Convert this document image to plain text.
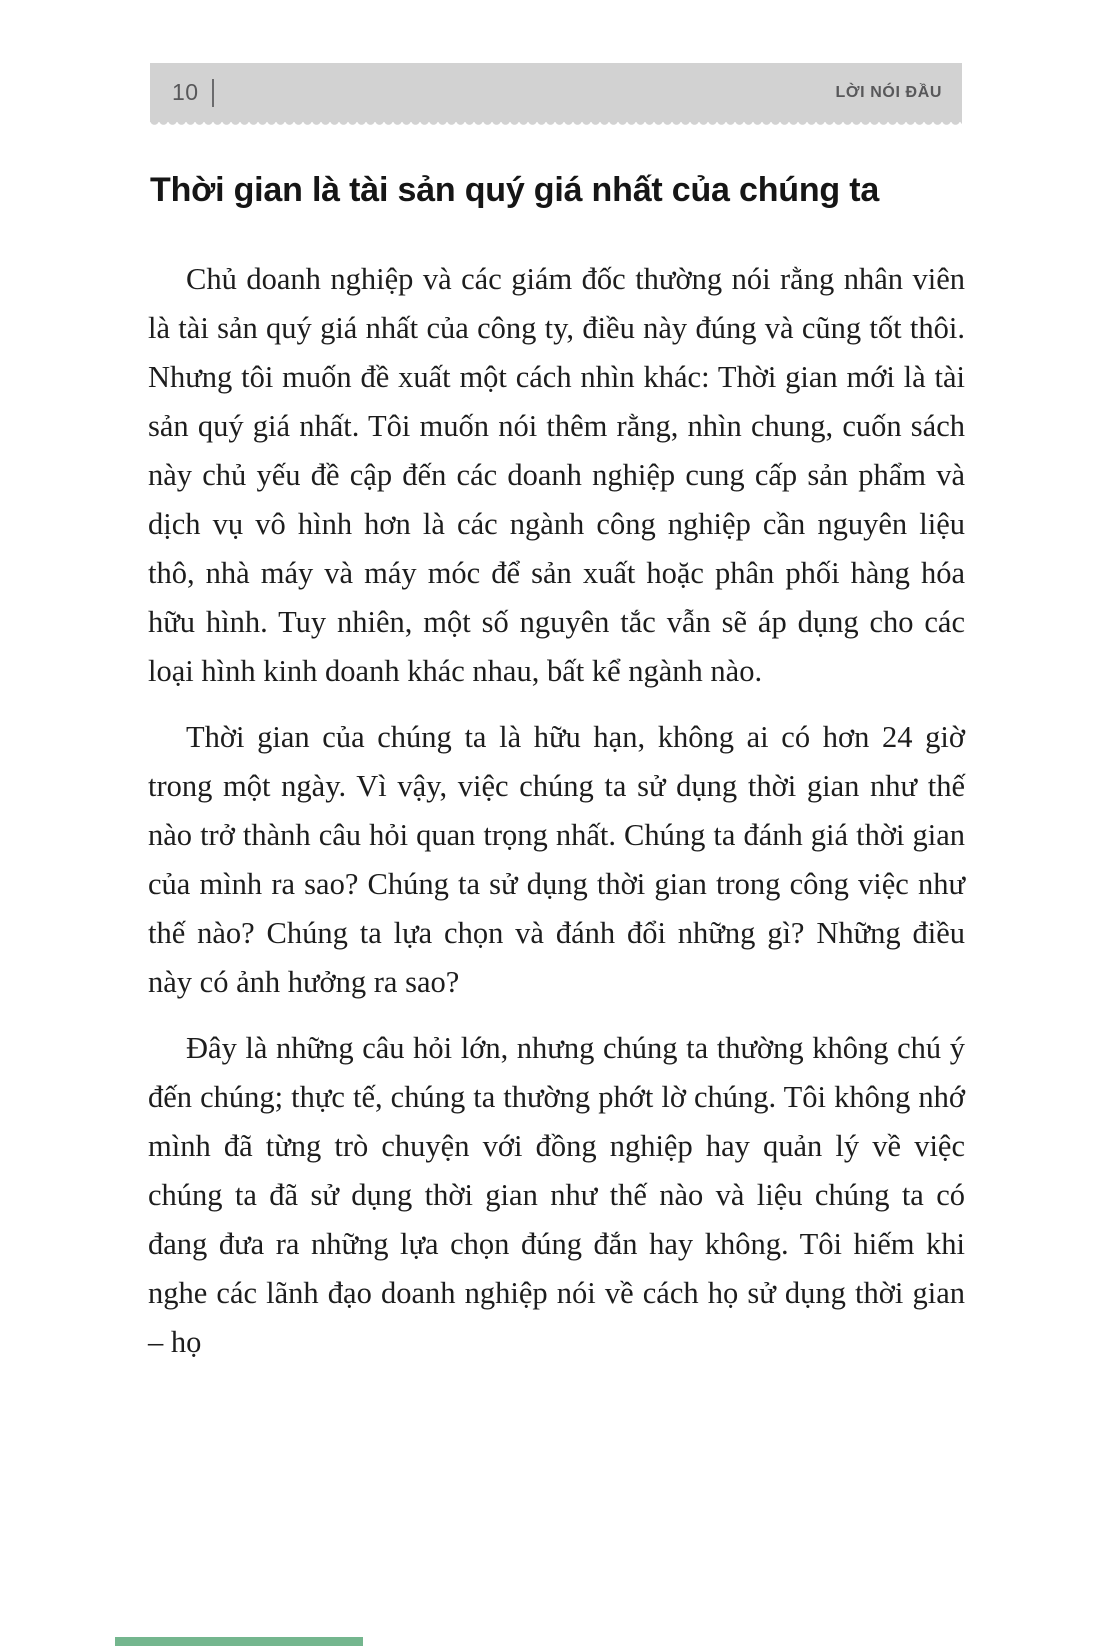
10	LỜI NÓI ĐẦU
Thời gian là tài sản quý giá nhất của chúng ta

Chủ doanh nghiệp và các giám đốc thường nói rằng nhân viên là tài sản quý giá nhất của công ty, điều này đúng và cũng tốt thôi. Nhưng tôi muốn đề xuất một cách nhìn khác: Thời gian mới là tài sản quý giá nhất. Tôi muốn nói thêm rằng, nhìn chung, cuốn sách này chủ yếu đề cập đến các doanh nghiệp cung cấp sản phẩm và dịch vụ vô hình hơn là các ngành công nghiệp cần nguyên liệu thô, nhà máy và máy móc để sản xuất hoặc phân phối hàng hóa hữu hình. Tuy nhiên, một số nguyên tắc vẫn sẽ áp dụng cho các loại hình kinh doanh khác nhau, bất kể ngành nào.

Thời gian của chúng ta là hữu hạn, không ai có hơn 24 giờ trong một ngày. Vì vậy, việc chúng ta sử dụng thời gian như thế nào trở thành câu hỏi quan trọng nhất. Chúng ta đánh giá thời gian của mình ra sao? Chúng ta sử dụng thời gian trong công việc như thế nào? Chúng ta lựa chọn và đánh đổi những gì? Những điều này có ảnh hưởng ra sao?

Đây là những câu hỏi lớn, nhưng chúng ta thường không chú ý đến chúng; thực tế, chúng ta thường phớt lờ chúng. Tôi không nhớ mình đã từng trò chuyện với đồng nghiệp hay quản lý về việc chúng ta đã sử dụng thời gian như thế nào và liệu chúng ta có đang đưa ra những lựa chọn đúng đắn hay không. Tôi hiếm khi nghe các lãnh đạo doanh nghiệp nói về cách họ sử dụng thời gian – họ
